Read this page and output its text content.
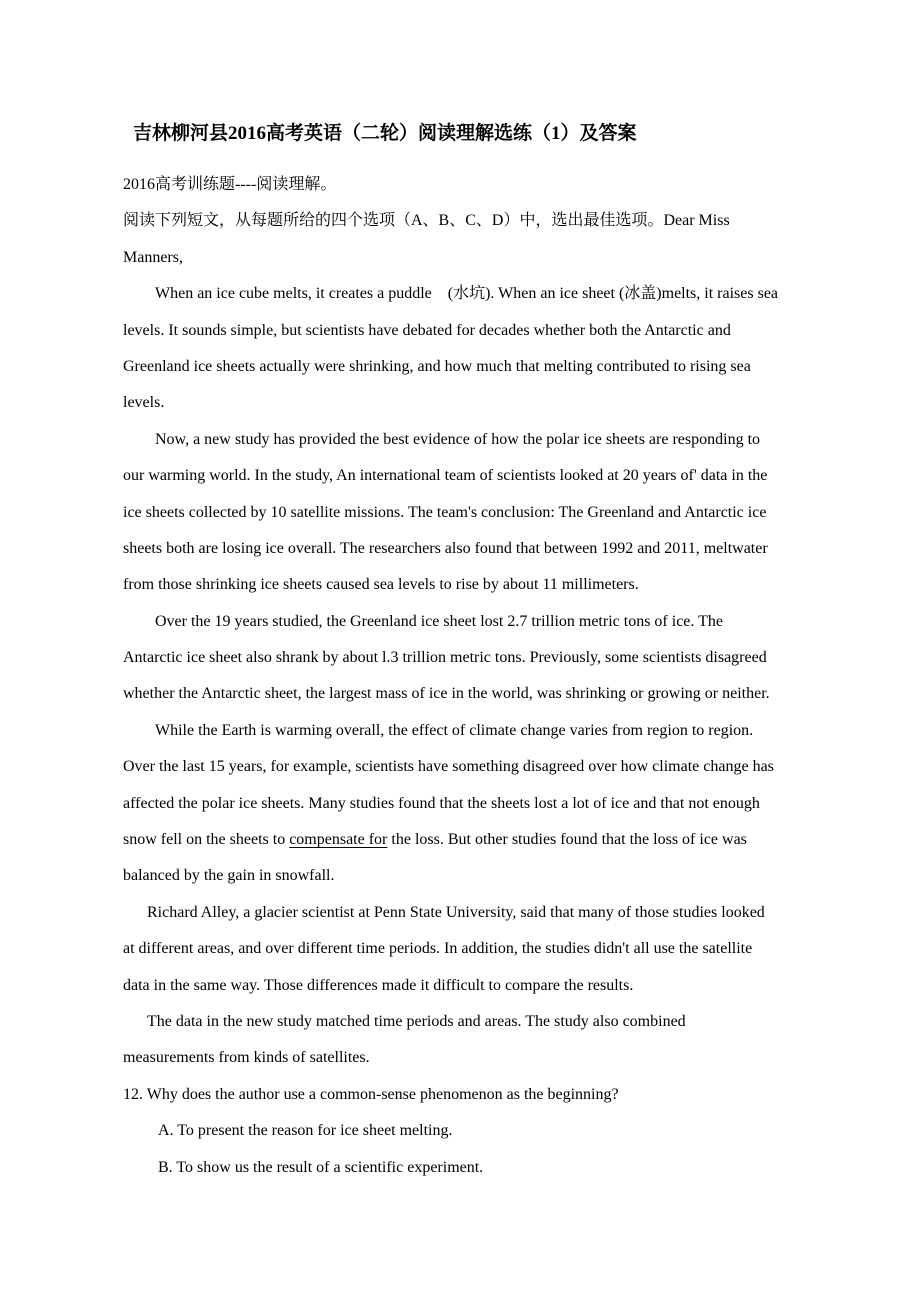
吉林柳河县2016高考英语（二轮）阅读理解选练（1）及答案

2016高考训练题----阅读理解。

阅读下列短文，从每题所给的四个选项（A、B、C、D）中，选出最佳选项。Dear Miss

Manners,

When an ice cube melts, it creates a puddle　(水坑). When an ice sheet (冰盖)melts, it raises sea

levels. It sounds simple, but scientists have debated for decades whether both the Antarctic and

Greenland ice sheets actually were shrinking, and how much that melting contributed to rising sea

levels.

Now, a new study has provided the best evidence of how the polar ice sheets are responding to

our warming world. In the study, An international team of scientists looked at 20 years of' data in the

ice sheets collected by 10 satellite missions. The team's conclusion: The Greenland and Antarctic ice

sheets both are losing ice overall. The researchers also found that between 1992 and 2011, meltwater

from those shrinking ice sheets caused sea levels to rise by about 11 millimeters.

Over the 19 years studied, the Greenland ice sheet lost 2.7 trillion metric tons of ice. The

Antarctic ice sheet also shrank by about l.3 trillion metric tons. Previously, some scientists disagreed

whether the Antarctic sheet, the largest mass of ice in the world, was shrinking or growing or neither.

While the Earth is warming overall, the effect of climate change varies from region to region.

Over the last 15 years, for example, scientists have something disagreed over how climate change has

affected the polar ice sheets. Many studies found that the sheets lost a lot of ice and that not enough

snow fell on the sheets to compensate for the loss. But other studies found that the loss of ice was

balanced by the gain in snowfall.

Richard Alley, a glacier scientist at Penn State University, said that many of those studies looked

at different areas, and over different time periods. In addition, the studies didn't all use the satellite

data in the same way. Those differences made it difficult to compare the results.

The data in the new study matched time periods and areas. The study also combined

measurements from kinds of satellites.

12. Why does the author use a common-sense phenomenon as the beginning?

A. To present the reason for ice sheet melting.

B. To show us the result of a scientific experiment.
